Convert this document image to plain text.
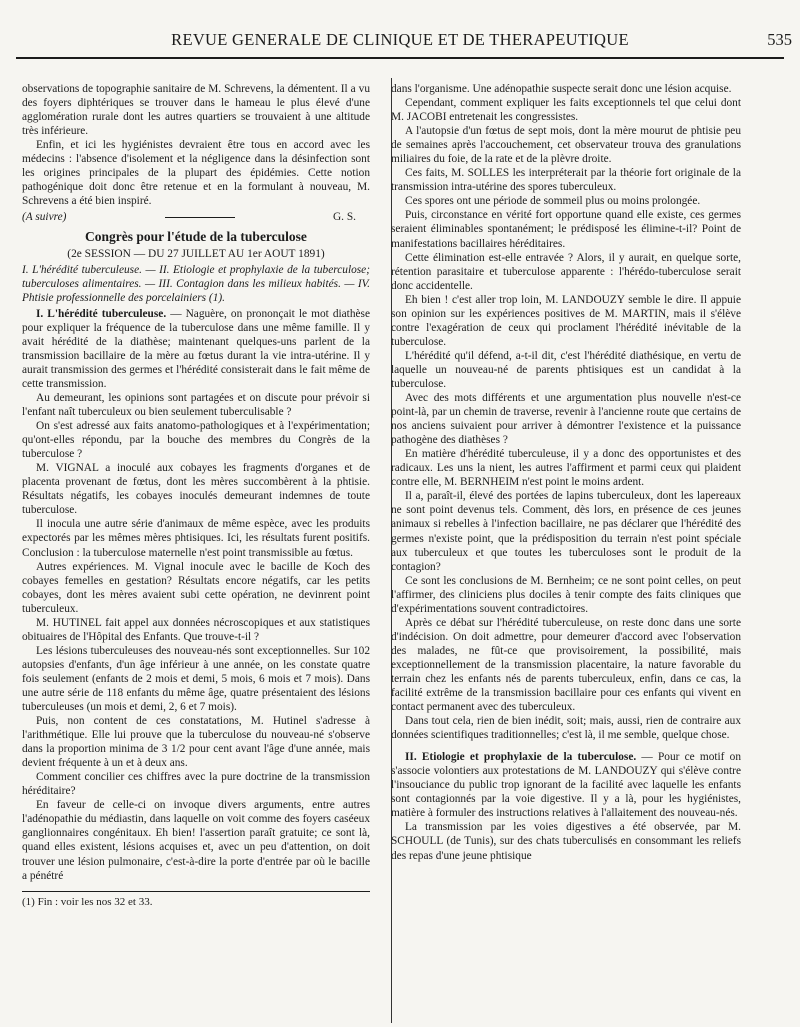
REVUE GENERALE DE CLINIQUE ET DE THERAPEUTIQUE	535

observations de topographie sanitaire de M. Schrevens, la démentent. Il a vu des foyers diphtériques se trouver dans le hameau le plus élevé d'une agglomération rurale dont les autres quartiers se trouvaient à une altitude très inférieure.

Enfin, et ici les hygiénistes devraient être tous en accord avec les médecins : l'absence d'isolement et la négligence dans la désinfection sont les origines principales de la plupart des épidémies. Cette notion pathogénique doit donc être retenue et en la formulant à nouveau, M. Schrevens a été bien inspiré.

(A suivre)	G. S.
Congrès pour l'étude de la tuberculose
(2e SESSION — DU 27 JUILLET AU 1er AOUT 1891)

I. L'hérédité tuberculeuse. — II. Etiologie et prophylaxie de la tuberculose; tuberculoses alimentaires. — III. Contagion dans les milieux habités. — IV. Phtisie professionnelle des porcelainiers (1).

I. L'hérédité tuberculeuse. — Naguère, on prononçait le mot diathèse pour expliquer la fréquence de la tuberculose dans une même famille. Il y avait hérédité de la diathèse; maintenant quelques-uns parlent de la transmission bacillaire de la mère au fœtus durant la vie intra-utérine. Il y aurait transmission des germes et l'hérédité consisterait dans le fait même de cette transmission.

Au demeurant, les opinions sont partagées et on discute pour prévoir si l'enfant naît tuberculeux ou bien seulement tuberculisable ?

On s'est adressé aux faits anatomo-pathologiques et à l'expérimentation; qu'ont-elles répondu, par la bouche des membres du Congrès de la tuberculose ?

M. VIGNAL a inoculé aux cobayes les fragments d'organes et de placenta provenant de fœtus, dont les mères succombèrent à la phtisie. Résultats négatifs, les cobayes inoculés demeurant indemnes de toute tuberculose.

Il inocula une autre série d'animaux de même espèce, avec les produits expectorés par les mêmes mères phtisiques. Ici, les résultats furent positifs. Conclusion : la tuberculose maternelle n'est point transmissible au fœtus.

Autres expériences. M. Vignal inocule avec le bacille de Koch des cobayes femelles en gestation? Résultats encore négatifs, car les petits cobayes, dont les mères avaient subi cette opération, ne devinrent point tuberculeux.

M. HUTINEL fait appel aux données nécroscopiques et aux statistiques obituaires de l'Hôpital des Enfants. Que trouve-t-il ?

Les lésions tuberculeuses des nouveau-nés sont exceptionnelles. Sur 102 autopsies d'enfants, d'un âge inférieur à une année, on les constate quatre fois seulement (enfants de 2 mois et demi, 5 mois, 6 mois et 7 mois). Dans une autre série de 118 enfants du même âge, quatre présentaient des lésions tuberculeuses (un mois et demi, 2, 6 et 7 mois).

Puis, non content de ces constatations, M. Hutinel s'adresse à l'arithmétique. Elle lui prouve que la tuberculose du nouveau-né s'observe dans la proportion minima de 3 1/2 pour cent avant l'âge d'une année, mais devient fréquente à un et à deux ans.

Comment concilier ces chiffres avec la pure doctrine de la transmission héréditaire?

En faveur de celle-ci on invoque divers arguments, entre autres l'adénopathie du médiastin, dans laquelle on voit comme des foyers caséeux ganglionnaires congénitaux. Eh bien! l'assertion paraît gratuite; ce sont là, quand elles existent, lésions acquises et, avec un peu d'attention, on doit trouver une lésion pulmonaire, c'est-à-dire la porte d'entrée par où le bacille a pénétré

(1) Fin : voir les nos 32 et 33.

dans l'organisme. Une adénopathie suspecte serait donc une lésion acquise.

Cependant, comment expliquer les faits exceptionnels tel que celui dont M. JACOBI entretenait les congressistes.

A l'autopsie d'un fœtus de sept mois, dont la mère mourut de phtisie peu de semaines après l'accouchement, cet observateur trouva des granulations miliaires du foie, de la rate et de la plèvre droite.

Ces faits, M. SOLLES les interpréterait par la théorie fort originale de la transmission intra-utérine des spores tuberculeux.

Ces spores ont une période de sommeil plus ou moins prolongée.

Puis, circonstance en vérité fort opportune quand elle existe, ces germes seraient éliminables spontanément; le prédisposé les élimine-t-il? Point de manifestations bacillaires héréditaires.

Cette élimination est-elle entravée ? Alors, il y aurait, en quelque sorte, rétention parasitaire et tuberculose apparente : l'hérédo-tuberculose serait donc accidentelle.

Eh bien ! c'est aller trop loin, M. LANDOUZY semble le dire. Il appuie son opinion sur les expériences positives de M. MARTIN, mais il s'élève contre l'exagération de ceux qui proclament l'hérédité inévitable de la tuberculose.

L'hérédité qu'il défend, a-t-il dit, c'est l'hérédité diathésique, en vertu de laquelle un nouveau-né de parents phtisiques est un candidat à la tuberculose.

Avec des mots différents et une argumentation plus nouvelle n'est-ce point-là, par un chemin de traverse, revenir à l'ancienne route que certains de nos anciens suivaient pour arriver à démontrer l'existence et la puissance pathogène des diathèses ?

En matière d'hérédité tuberculeuse, il y a donc des opportunistes et des radicaux. Les uns la nient, les autres l'affirment et parmi ceux qui plaident contre elle, M. BERNHEIM n'est point le moins ardent.

Il a, paraît-il, élevé des portées de lapins tuberculeux, dont les lapereaux ne sont point devenus tels. Comment, dès lors, en présence de ces jeunes animaux si rebelles à l'infection bacillaire, ne pas déclarer que l'hérédité des germes n'existe point, que la prédisposition du terrain n'est point spéciale aux tuberculeux et que toutes les tuberculoses sont le produit de la contagion?

Ce sont les conclusions de M. Bernheim; ce ne sont point celles, on peut l'affirmer, des cliniciens plus dociles à tenir compte des faits cliniques que d'expérimentations souvent contradictoires.

Après ce débat sur l'hérédité tuberculeuse, on reste donc dans une sorte d'indécision. On doit admettre, pour demeurer d'accord avec l'observation des malades, ne fût-ce que provisoirement, la possibilité, mais exceptionnellement de la transmission placentaire, la nature favorable du terrain chez les enfants nés de parents tuberculeux, enfin, dans ce cas, la facilité extrême de la transmission bacillaire pour ces enfants qui vivent en contact permanent avec des tuberculeux.

Dans tout cela, rien de bien inédit, soit; mais, aussi, rien de contraire aux données scientifiques traditionnelles; c'est là, il me semble, quelque chose.

II. Etiologie et prophylaxie de la tuberculose. — Pour ce motif on s'associe volontiers aux protestations de M. LANDOUZY qui s'élève contre l'insouciance du public trop ignorant de la facilité avec laquelle les enfants sont contagionnés par la voie digestive. Il y a là, pour les hygiénistes, matière à formuler des instructions relatives à l'allaitement des nouveau-nés.

La transmission par les voies digestives a été observée, par M. SCHOULL (de Tunis), sur des chats tuberculisés en consommant les reliefs des repas d'une jeune phtisique
